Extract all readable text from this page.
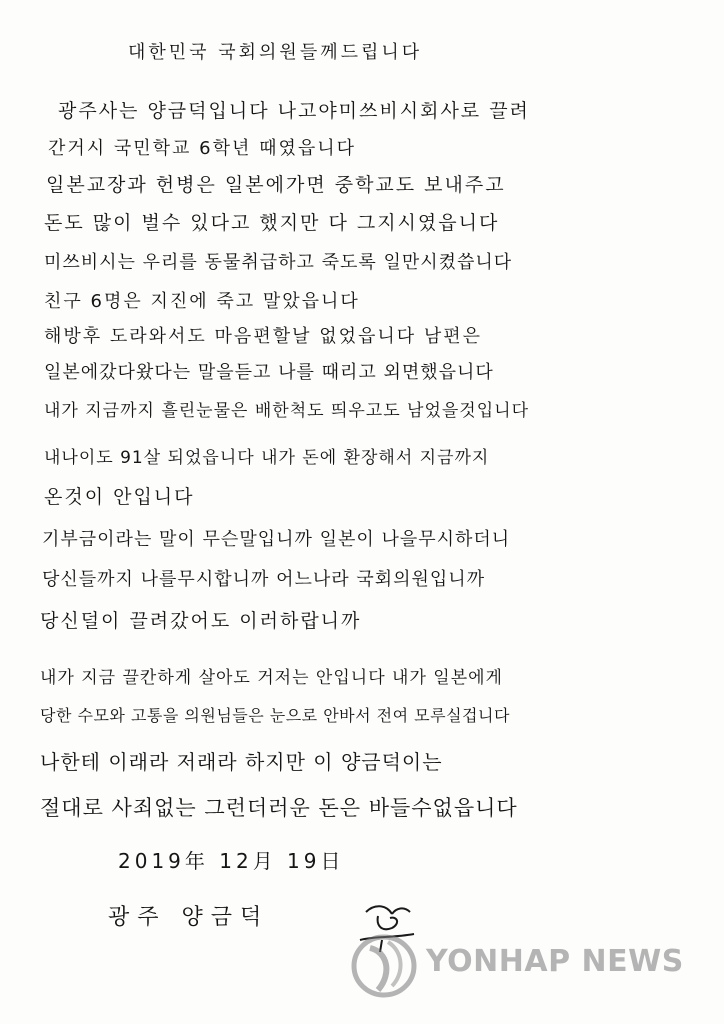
대한민국 국회의원들께드립니다
광주사는 양금덕입니다 나고야미쓰비시회사로 끌려
간거시 국민학교 6학년 때였읍니다
일본교장과 헌병은 일본에가면 중학교도 보내주고
돈도 많이 벌수 있다고 했지만 다 그지시였읍니다
미쓰비시는 우리를 동물취급하고 죽도록 일만시켰씁니다
친구 6명은 지진에 죽고 말았읍니다
해방후 도라와서도 마음편할날 없었읍니다 남편은
일본에갔다왔다는 말을듣고 나를 때리고 외면했읍니다
내가 지금까지 흘린눈물은 배한척도 띄우고도 남었을것입니다
내나이도 91살 되었읍니다 내가 돈에 환장해서 지금까지
온것이 안입니다
기부금이라는 말이 무슨말입니까 일본이 나을무시하더니
당신들까지 나를무시합니까 어느나라 국회의원입니까
당신덜이 끌려갔어도 이러하랍니까
내가 지금 끌칸하게 살아도 거저는 안입니다 내가 일본에게
당한 수모와 고통을 의원님들은 눈으로 안바서 전여 모루실겁니다
나한테 이래라 저래라 하지만 이 양금덕이는
절대로 사죄없는 그런더러운 돈은 바들수없읍니다
2019年 12月 19日
광주 양금덕
YONHAP NEWS
